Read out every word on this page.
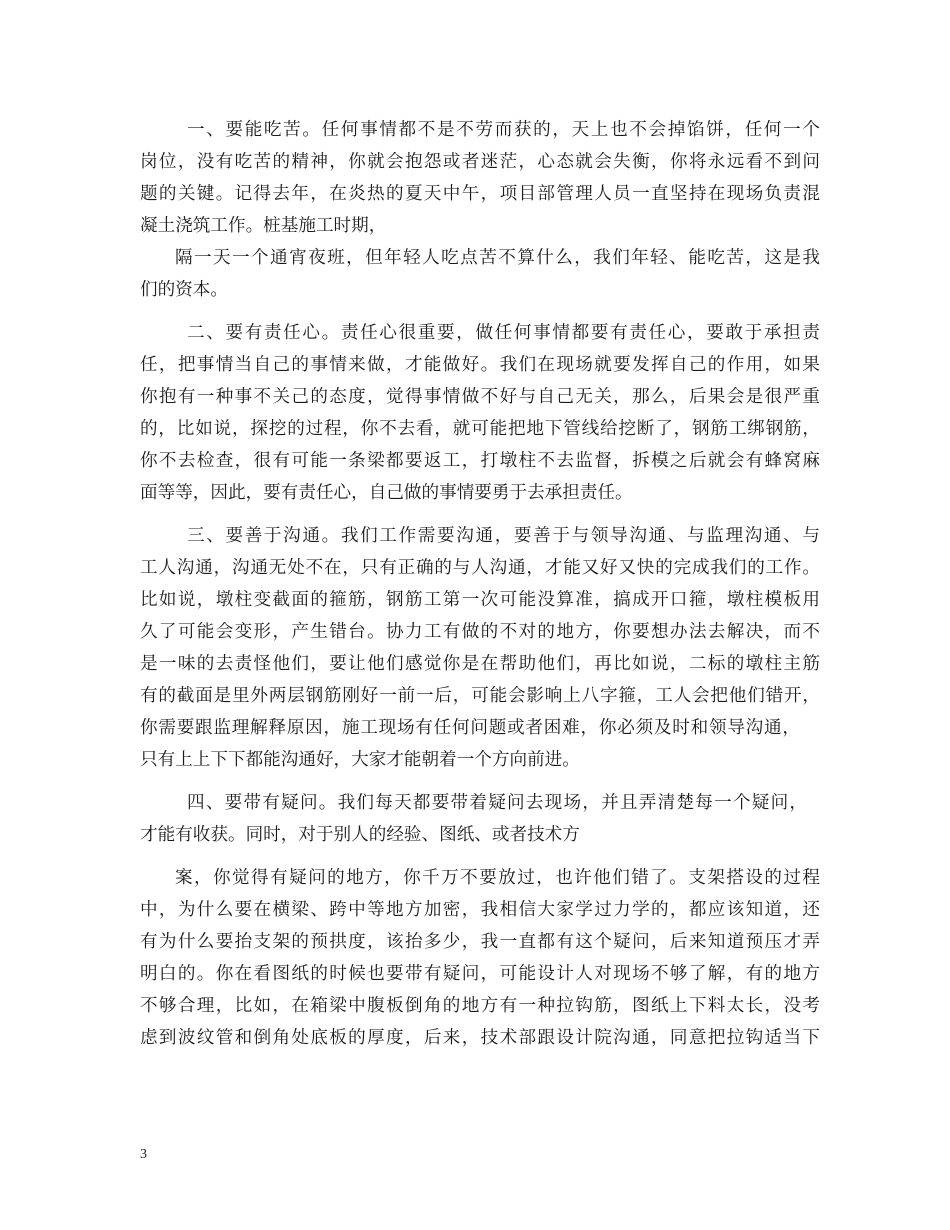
一、要能吃苦。任何事情都不是不劳而获的，天上也不会掉馅饼，任何一个
岗位，没有吃苦的精神，你就会抱怨或者迷茫，心态就会失衡，你将永远看不到问
题的关键。记得去年，在炎热的夏天中午，项目部管理人员一直坚持在现场负责混
凝土浇筑工作。桩基施工时期，
隔一天一个通宵夜班，但年轻人吃点苦不算什么，我们年轻、能吃苦，这是我
们的资本。
二、要有责任心。责任心很重要，做任何事情都要有责任心，要敢于承担责
任，把事情当自己的事情来做，才能做好。我们在现场就要发挥自己的作用，如果
你抱有一种事不关己的态度，觉得事情做不好与自己无关，那么，后果会是很严重
的，比如说，探挖的过程，你不去看，就可能把地下管线给挖断了，钢筋工绑钢筋，
你不去检查，很有可能一条梁都要返工，打墩柱不去监督，拆模之后就会有蜂窝麻
面等等，因此，要有责任心，自己做的事情要勇于去承担责任。
三、要善于沟通。我们工作需要沟通，要善于与领导沟通、与监理沟通、与
工人沟通，沟通无处不在，只有正确的与人沟通，才能又好又快的完成我们的工作。
比如说，墩柱变截面的箍筋，钢筋工第一次可能没算准，搞成开口箍，墩柱模板用
久了可能会变形，产生错台。协力工有做的不对的地方，你要想办法去解决，而不
是一味的去责怪他们，要让他们感觉你是在帮助他们，再比如说，二标的墩柱主筋
有的截面是里外两层钢筋刚好一前一后，可能会影响上八字箍，工人会把他们错开，
你需要跟监理解释原因，施工现场有任何问题或者困难，你必须及时和领导沟通，
只有上上下下都能沟通好，大家才能朝着一个方向前进。
四、要带有疑问。我们每天都要带着疑问去现场，并且弄清楚每一个疑问，
才能有收获。同时，对于别人的经验、图纸、或者技术方
案，你觉得有疑问的地方，你千万不要放过，也许他们错了。支架搭设的过程
中，为什么要在横梁、跨中等地方加密，我相信大家学过力学的，都应该知道，还
有为什么要抬支架的预拱度，该抬多少，我一直都有这个疑问，后来知道预压才弄
明白的。你在看图纸的时候也要带有疑问，可能设计人对现场不够了解，有的地方
不够合理，比如，在箱梁中腹板倒角的地方有一种拉钩筋，图纸上下料太长，没考
虑到波纹管和倒角处底板的厚度，后来，技术部跟设计院沟通，同意把拉钩适当下
3
